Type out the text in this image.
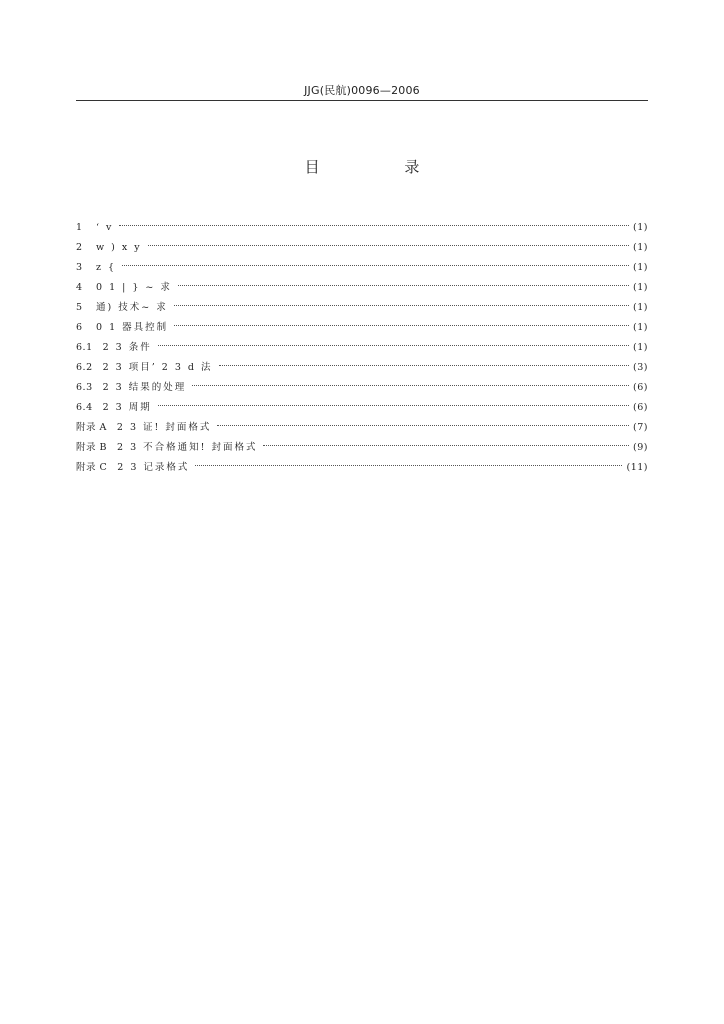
JJG(民航)0096—2006
目 录
1	‘ v	(1)
2	w ) x y	(1)
3	z {	(1)
4	0 1 | } ~ 求	(1)
5	通) 技术~ 求	(1)
6	0 1 器具控制	(1)
6.1	2 3 条件	(1)
6.2	2 3 项目’ 2 3 d 法	(3)
6.3	2 3 结果的处理	(6)
6.4	2 3 周期	(6)
附录 A	2 3 证! 封面格式	(7)
附录 B	2 3 不合格通知! 封面格式	(9)
附录 C	2 3 记录格式	(11)
